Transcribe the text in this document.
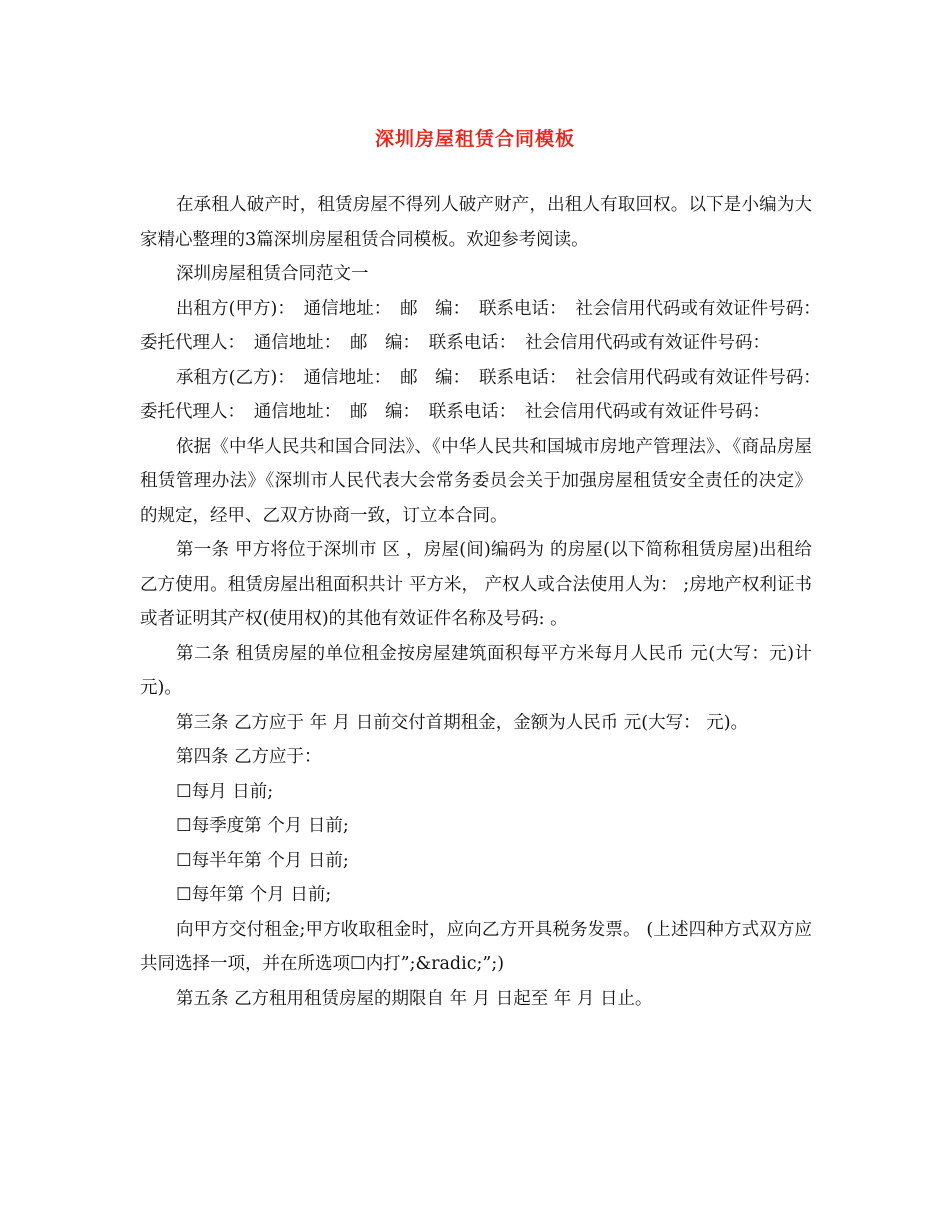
深圳房屋租赁合同模板

在承租人破产时，租赁房屋不得列人破产财产，出租人有取回权。以下是小编为大家精心整理的3篇深圳房屋租赁合同模板。欢迎参考阅读。

深圳房屋租赁合同范文一

出租方(甲方)：　通信地址：　邮　编：　联系电话：　社会信用代码或有效证件号码：　委托代理人：　通信地址：　邮　编：　联系电话：　社会信用代码或有效证件号码：

承租方(乙方)：　通信地址：　邮　编：　联系电话：　社会信用代码或有效证件号码：　委托代理人：　通信地址：　邮　编：　联系电话：　社会信用代码或有效证件号码：

依据《中华人民共和国合同法》、《中华人民共和国城市房地产管理法》、《商品房屋租赁管理办法》《深圳市人民代表大会常务委员会关于加强房屋租赁安全责任的决定》的规定，经甲、乙双方协商一致，订立本合同。

第一条 甲方将位于深圳市 区 ，房屋(间)编码为 的房屋(以下简称租赁房屋)出租给乙方使用。租赁房屋出租面积共计 平方米， 产权人或合法使用人为： ;房地产权利证书或者证明其产权(使用权)的其他有效证件名称及号码: 。

第二条 租赁房屋的单位租金按房屋建筑面积每平方米每月人民币 元(大写：元)计 元)。

第三条 乙方应于 年 月 日前交付首期租金，金额为人民币 元(大写： 元)。

第四条 乙方应于：

☐每月 日前;

☐每季度第 个月 日前;

☐每半年第 个月 日前;

☐每年第 个月 日前;

向甲方交付租金;甲方收取租金时，应向乙方开具税务发票。 (上述四种方式双方应共同选择一项，并在所选项☐内打”;&radic;”;)

第五条 乙方租用租赁房屋的期限自 年 月 日起至 年 月 日止。
